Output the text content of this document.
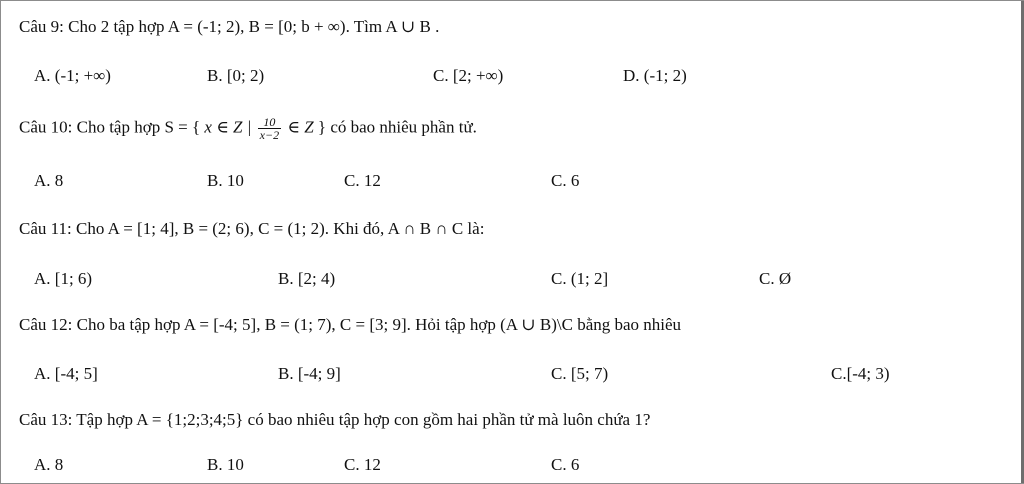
Câu 9: Cho 2 tập hợp A = (-1; 2), B = [0; b + ∞). Tìm A ∪ B .
A. (-1; +∞)	B. [0; 2)	C. [2; +∞)	D. (-1; 2)
Câu 10: Cho tập hợp S = { x ∈ Z | $\frac{10}{x-2}$ ∈ Z } có bao nhiêu phần tử.
A. 8	B. 10	C. 12	C. 6
Câu 11: Cho A = [1; 4], B = (2; 6), C = (1; 2). Khi đó, A ∩ B ∩ C là:
A. [1; 6)	B. [2; 4)	C. (1; 2]	C. Ø
Câu 12: Cho ba tập hợp A = [-4; 5], B = (1; 7), C = [3; 9]. Hỏi tập hợp (A ∪ B)\C bằng bao nhiêu
A. [-4; 5]	B. [-4; 9]	C. [5; 7)	C.[-4; 3)
Câu 13: Tập hợp A = {1;2;3;4;5} có bao nhiêu tập hợp con gồm hai phần tử mà luôn chứa 1?
A. 8	B. 10	C. 12	C. 6
